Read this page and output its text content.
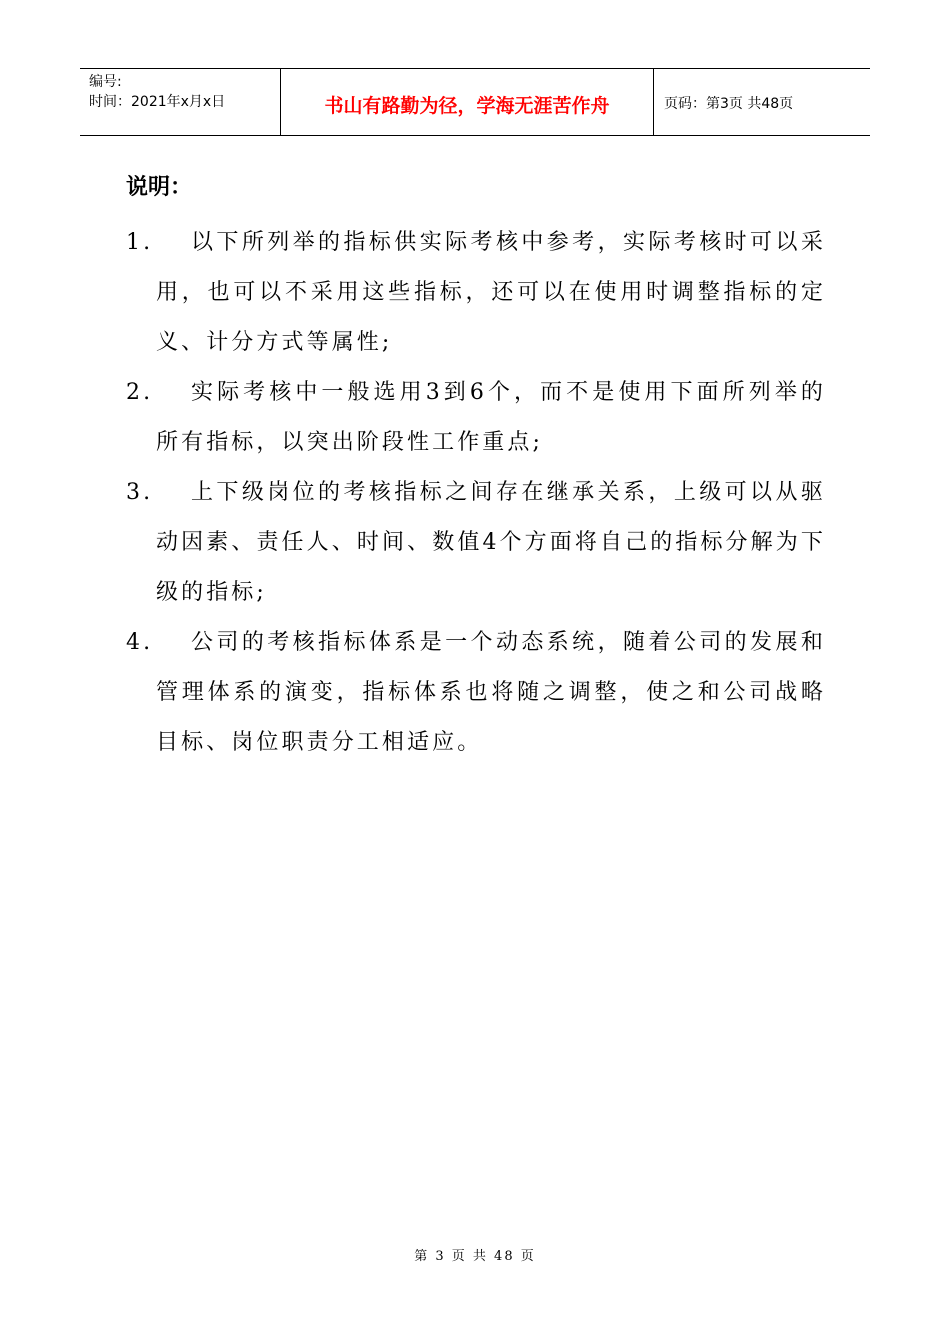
编号:
时间：2021年x月x日	书山有路勤为径，学海无涯苦作舟	页码：第3页 共48页
说明：
1.	以下所列举的指标供实际考核中参考，实际考核时可以采用，也可以不采用这些指标，还可以在使用时调整指标的定义、计分方式等属性;
2.	实际考核中一般选用3到6个，而不是使用下面所列举的所有指标，以突出阶段性工作重点;
3.	上下级岗位的考核指标之间存在继承关系，上级可以从驱动因素、责任人、时间、数值4个方面将自己的指标分解为下级的指标;
4.	公司的考核指标体系是一个动态系统，随着公司的发展和管理体系的演变，指标体系也将随之调整，使之和公司战略目标、岗位职责分工相适应。
第 3 页 共 48 页
